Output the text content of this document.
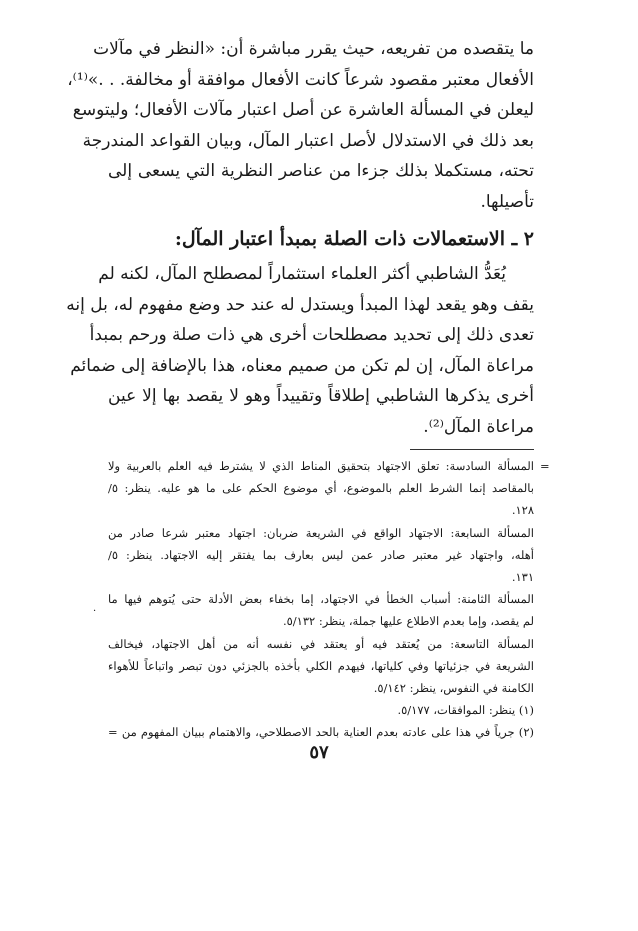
ما يتقصده من تفريعه، حيث يقرر مباشرة أن: «النظر في مآلات
الأفعال معتبر مقصود شرعاً كانت الأفعال موافقة أو مخالفة. . .»⁽¹⁾،
ليعلن في المسألة العاشرة عن أصل اعتبار مآلات الأفعال؛ وليتوسع
بعد ذلك في الاستدلال لأصل اعتبار المآل، وبيان القواعد المندرجة
تحته، مستكملا بذلك جزءا من عناصر النظرية التي يسعى إلى
تأصيلها.
٢ ـ الاستعمالات ذات الصلة بمبدأ اعتبار المآل:
يُعَدُّ الشاطبي أكثر العلماء استثماراً لمصطلح المآل، لكنه لم
يقف وهو يقعد لهذا المبدأ ويستدل له عند حد وضع مفهوم له، بل إنه
تعدى ذلك إلى تحديد مصطلحات أخرى هي ذات صلة ورحم بمبدأ
مراعاة المآل، إن لم تكن من صميم معناه، هذا بالإضافة إلى ضمائم
أخرى يذكرها الشاطبي إطلاقاً وتقييداً وهو لا يقصد بها إلا عين
مراعاة المآل⁽²⁾.
=
المسألة السادسة: تعلق الاجتهاد بتحقيق المناط الذي لا يشترط فيه العلم بالعربية ولا
بالمقاصد إنما الشرط العلم بالموضوع، أي موضوع الحكم على ما هو عليه. ينظر: ٥/
١٢٨.
المسألة السابعة: الاجتهاد الواقع في الشريعة ضربان: اجتهاد معتبر شرعا صادر من
أهله، واجتهاد غير معتبر صادر عمن ليس بعارف بما يفتقر إليه الاجتهاد. ينظر: ٥/
١٣١.
المسألة الثامنة: أسباب الخطأ في الاجتهاد، إما بخفاء بعض الأدلة حتى يُتوهم فيها ما
لم يقصد، وإما بعدم الاطلاع عليها جملة، ينظر: ٥/١٣٢.
المسألة التاسعة: من يُعتقد فيه أو يعتقد في نفسه أنه من أهل الاجتهاد، فيخالف
الشريعة في جزئياتها وفي كلياتها، فيهدم الكلي بأخذه بالجزئي دون تبصر واتباعاً للأهواء
الكامنة في النفوس، ينظر: ٥/١٤٢.
(١) ينظر: الموافقات، ٥/١٧٧.
(٢) جرياً في هذا على عادته بعدم العناية بالحد الاصطلاحي، والاهتمام ببيان المفهوم من =
·
٥٧
